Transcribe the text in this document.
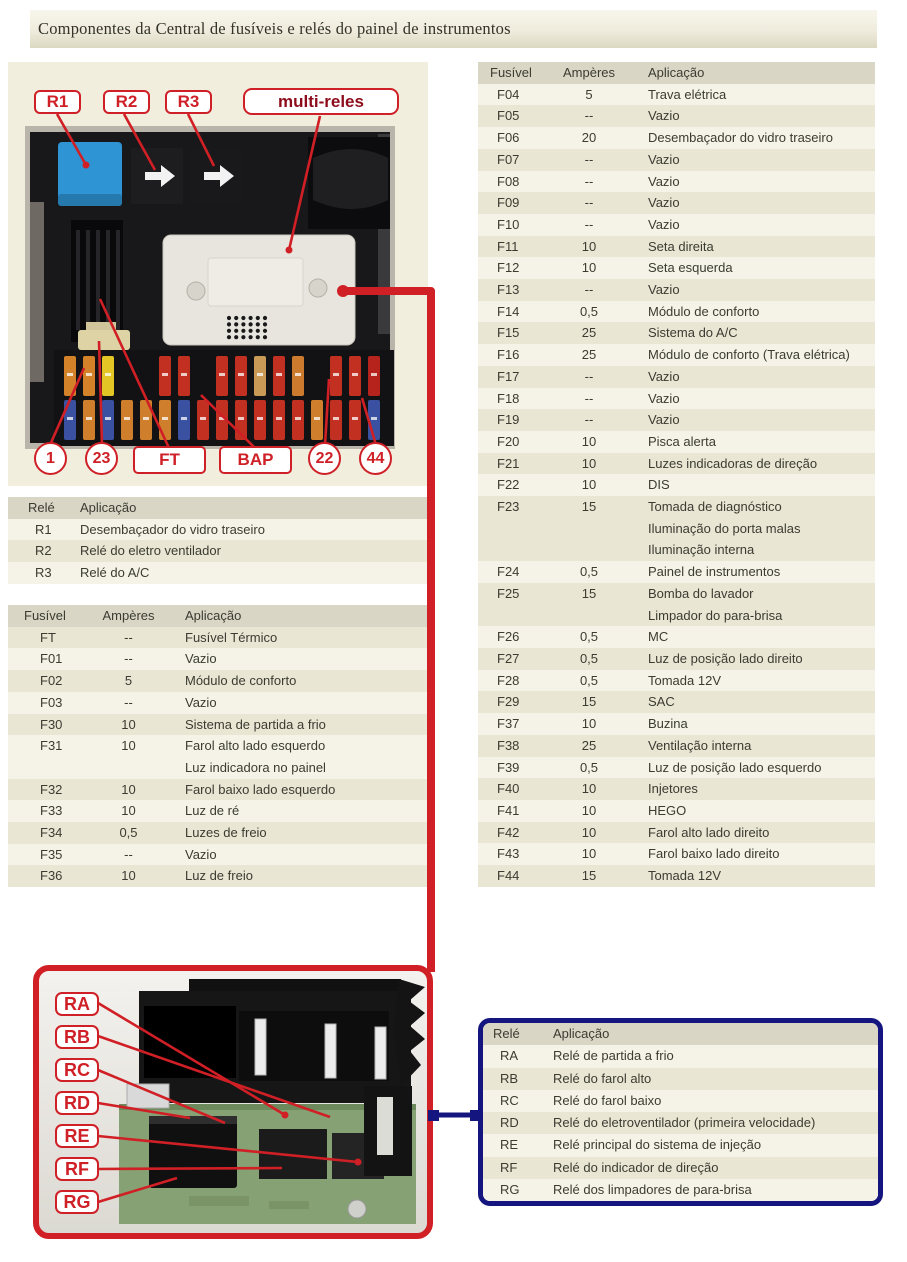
Componentes da Central de fusíveis e relés do painel de instrumentos
R1	R2	R3	multi-reles
1	23	FT	BAP	22	44
Relé	Aplicação
R1	Desembaçador do vidro traseiro
R2	Relé do eletro ventilador
R3	Relé do A/C
Fusível	Ampères	Aplicação
FT	--	Fusível Térmico
F01	--	Vazio
F02	5	Módulo de conforto
F03	--	Vazio
F30	10	Sistema de partida a frio
F31	10	Farol alto lado esquerdo
Luz indicadora no painel
F32	10	Farol baixo lado esquerdo
F33	10	Luz de ré
F34	0,5	Luzes de freio
F35	--	Vazio
F36	10	Luz de freio
Fusível	Ampères	Aplicação
F04	5	Trava elétrica
F05	--	Vazio
F06	20	Desembaçador do vidro traseiro
F07	--	Vazio
F08	--	Vazio
F09	--	Vazio
F10	--	Vazio
F11	10	Seta direita
F12	10	Seta esquerda
F13	--	Vazio
F14	0,5	Módulo de conforto
F15	25	Sistema do A/C
F16	25	Módulo de conforto (Trava elétrica)
F17	--	Vazio
F18	--	Vazio
F19	--	Vazio
F20	10	Pisca alerta
F21	10	Luzes indicadoras de direção
F22	10	DIS
F23	15	Tomada de diagnóstico
Iluminação do porta malas
Iluminação interna
F24	0,5	Painel de instrumentos
F25	15	Bomba do lavador
Limpador do para-brisa
F26	0,5	MC
F27	0,5	Luz de posição lado direito
F28	0,5	Tomada 12V
F29	15	SAC
F37	10	Buzina
F38	25	Ventilação interna
F39	0,5	Luz de posição lado esquerdo
F40	10	Injetores
F41	10	HEGO
F42	10	Farol alto lado direito
F43	10	Farol baixo lado direito
F44	15	Tomada 12V
RA
RB
RC
RD
RE
RF
RG
Relé	Aplicação
RA	Relé de partida a frio
RB	Relé do farol alto
RC	Relé do farol baixo
RD	Relé do eletroventilador (primeira velocidade)
RE	Relé principal do sistema de injeção
RF	Relé do indicador de direção
RG	Relé dos limpadores de para-brisa
